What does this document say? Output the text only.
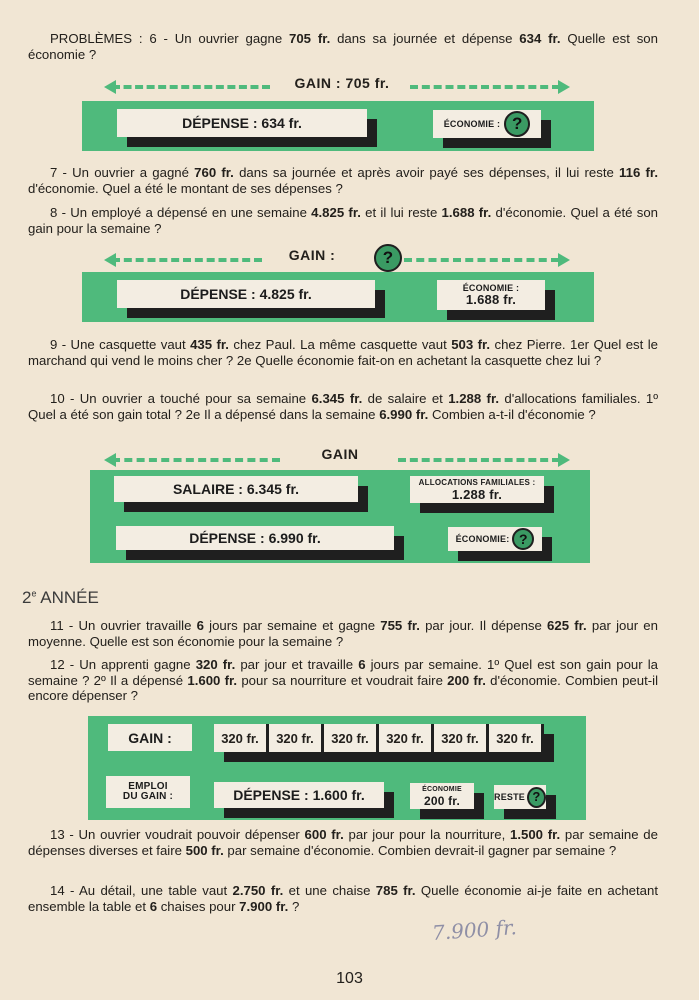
PROBLÈMES : 6 - Un ouvrier gagne 705 fr. dans sa journée et dépense 634 fr. Quelle est son économie ?

GAIN : 705 fr.
DÉPENSE : 634 fr.	ÉCONOMIE : ?

7 - Un ouvrier a gagné 760 fr. dans sa journée et après avoir payé ses dépenses, il lui reste 116 fr. d'économie. Quel a été le montant de ses dépenses ?

8 - Un employé a dépensé en une semaine 4.825 fr. et il lui reste 1.688 fr. d'économie. Quel a été son gain pour la semaine ?

GAIN :	?
DÉPENSE : 4.825 fr.	ÉCONOMIE :
1.688 fr.

9 - Une casquette vaut 435 fr. chez Paul. La même casquette vaut 503 fr. chez Pierre. 1er Quel est le marchand qui vend le moins cher ? 2e Quelle économie fait-on en achetant la casquette chez lui ?

10 - Un ouvrier a touché pour sa semaine 6.345 fr. de salaire et 1.288 fr. d'allocations familiales. 1º Quel a été son gain total ? 2e Il a dépensé dans la semaine 6.990 fr. Combien a-t-il d'économie ?

GAIN
SALAIRE : 6.345 fr.	ALLOCATIONS FAMILIALES :
1.288 fr.
DÉPENSE : 6.990 fr.	ÉCONOMIE: ?
2e ANNÉE

11 - Un ouvrier travaille 6 jours par semaine et gagne 755 fr. par jour. Il dépense 625 fr. par jour en moyenne. Quelle est son économie pour la semaine ?

12 - Un apprenti gagne 320 fr. par jour et travaille 6 jours par semaine. 1º Quel est son gain pour la semaine ? 2º Il a dépensé 1.600 fr. pour sa nourriture et voudrait faire 200 fr. d'économie. Combien peut-il encore dépenser ?

GAIN :	320 fr.	320 fr.	320 fr.	320 fr.	320 fr.	320 fr.
EMPLOI
DU GAIN :	DÉPENSE : 1.600 fr.	ÉCONOMIE
200 fr.	RESTE ?

13 - Un ouvrier voudrait pouvoir dépenser 600 fr. par jour pour la nourriture, 1.500 fr. par semaine de dépenses diverses et faire 500 fr. par semaine d'économie. Combien devrait-il gagner par semaine ?

14 - Au détail, une table vaut 2.750 fr. et une chaise 785 fr. Quelle économie ai-je faite en achetant ensemble la table et 6 chaises pour 7.900 fr. ?

7.900 fr.
103
